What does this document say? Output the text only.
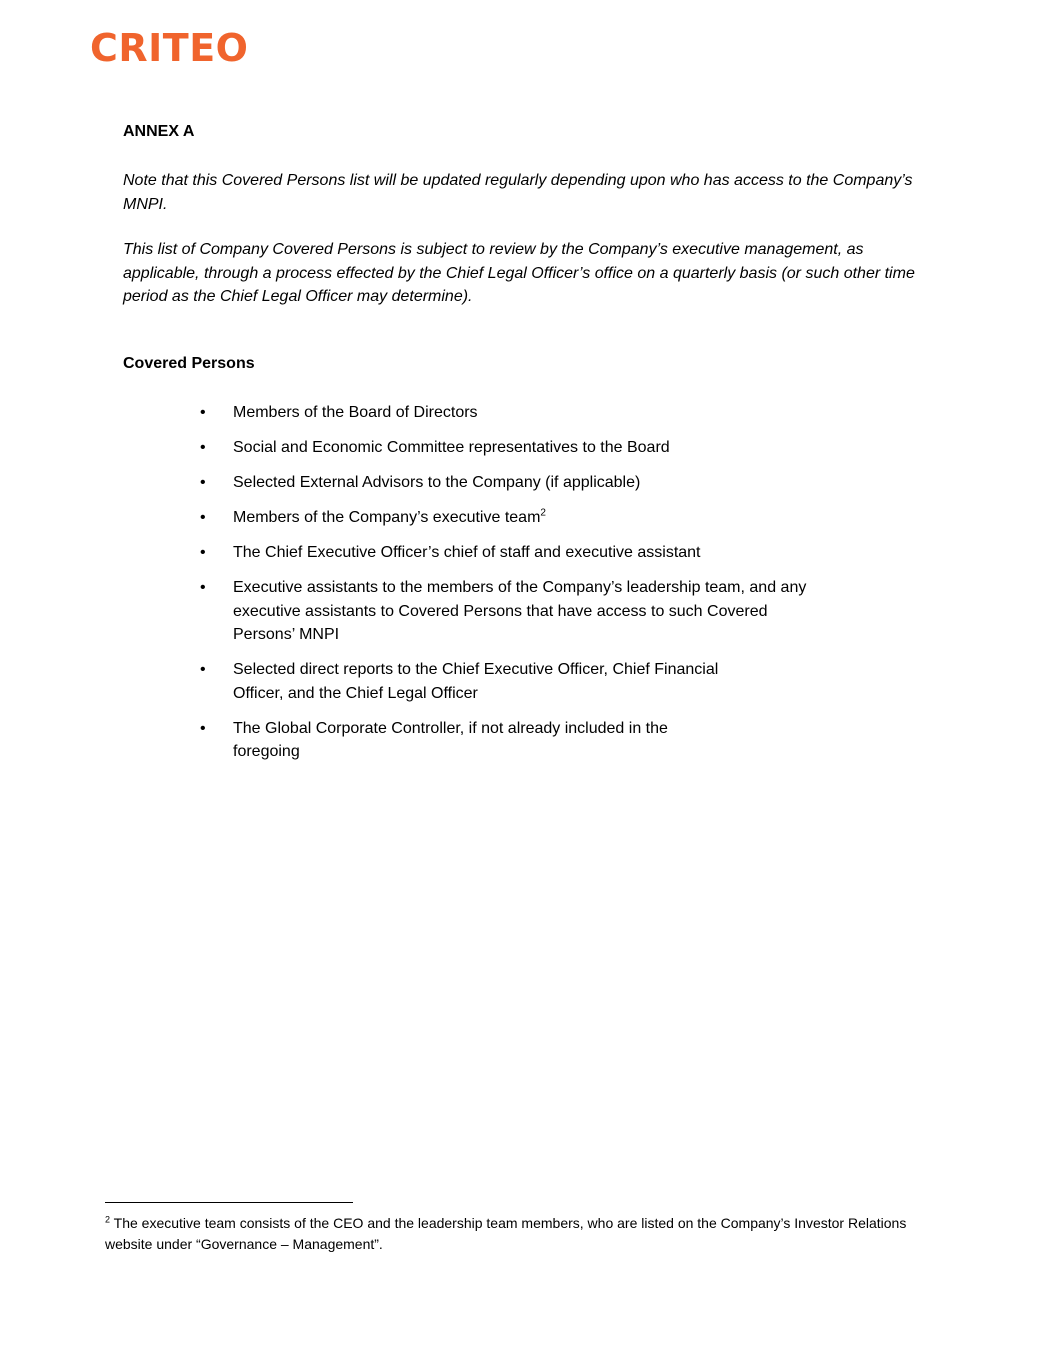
CRITEO
ANNEX A
Note that this Covered Persons list will be updated regularly depending upon who has access to the Company’s MNPI.
This list of Company Covered Persons is subject to review by the Company’s executive management, as applicable, through a process effected by the Chief Legal Officer’s office on a quarterly basis (or such other time period as the Chief Legal Officer may determine).
Covered Persons
•	Members of the Board of Directors
•	Social and Economic Committee representatives to the Board
•	Selected External Advisors to the Company (if applicable)
•	Members of the Company’s executive team$^2$
•	The Chief Executive Officer’s chief of staff and executive assistant
•	Executive assistants to the members of the Company’s leadership team, and any executive assistants to Covered Persons that have access to such Covered Persons’ MNPI
•	Selected direct reports to the Chief Executive Officer, Chief Financial Officer, and the Chief Legal Officer
•	The Global Corporate Controller, if not already included in the foregoing
$^2$ The executive team consists of the CEO and the leadership team members, who are listed on the Company’s Investor Relations website under “Governance – Management”.
